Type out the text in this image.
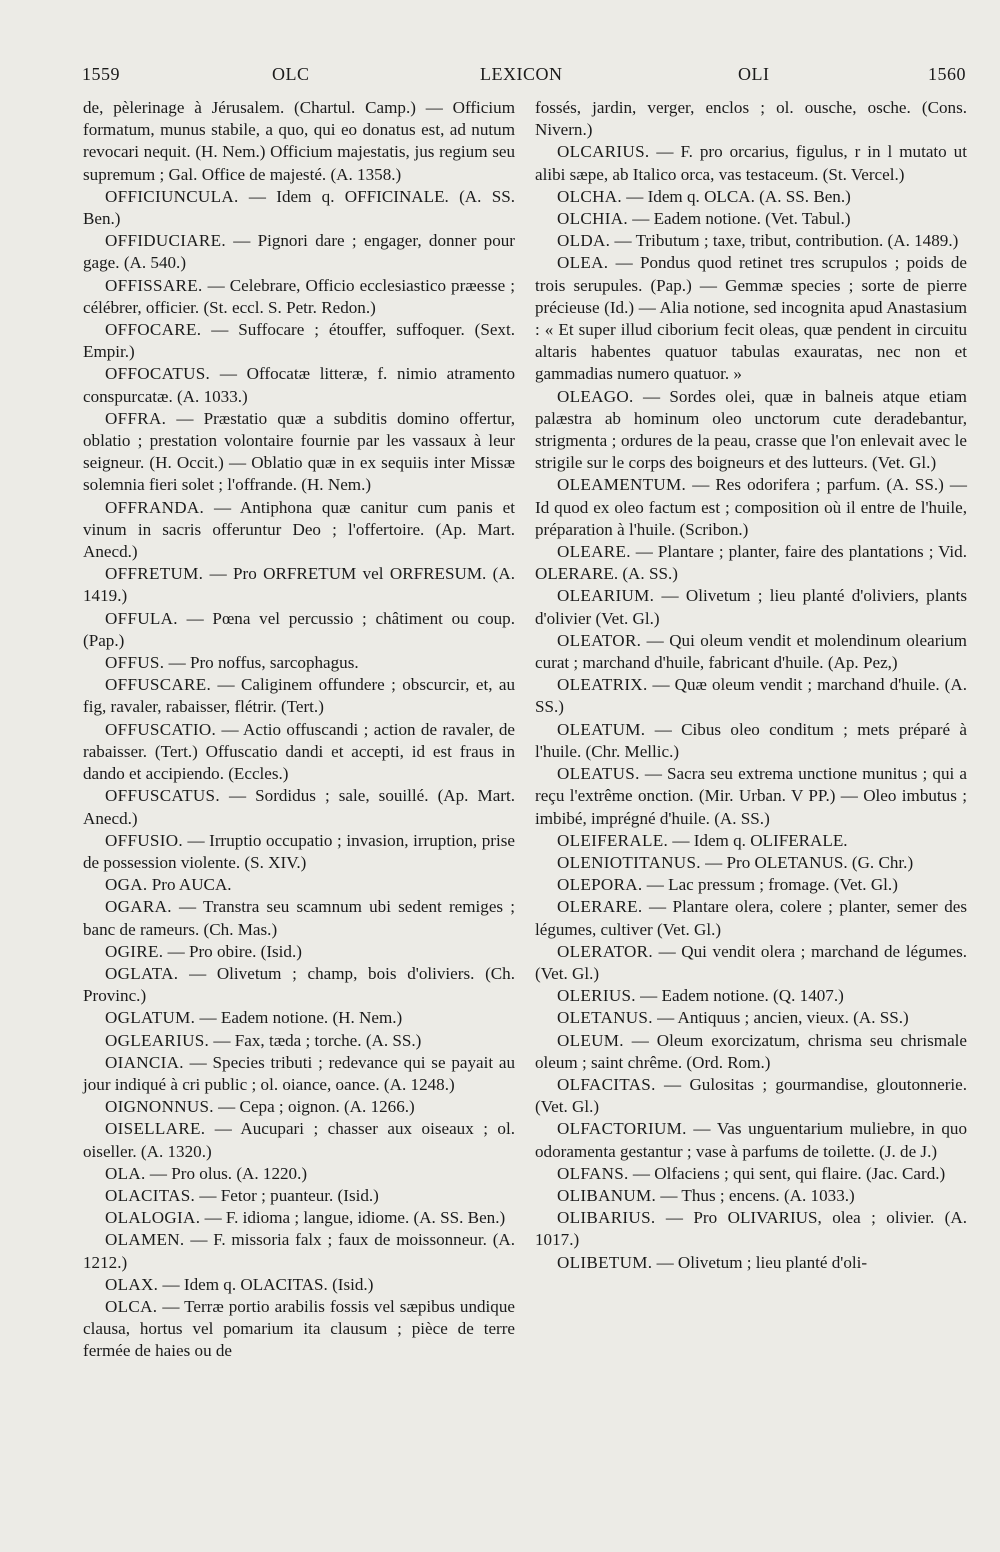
1559	OLC	LEXICON	OLI	1560

de, pèlerinage à Jérusalem. (Chartul. Camp.) — Officium formatum, munus stabile, a quo, qui eo donatus est, ad nutum revocari nequit. (H. Nem.) Officium majestatis, jus regium seu supremum ; Gal. Office de majesté. (A. 1358.)

OFFICIUNCULA. — Idem q. OFFICINALE. (A. SS. Ben.)

OFFIDUCIARE. — Pignori dare ; engager, donner pour gage. (A. 540.)

OFFISSARE. — Celebrare, Officio ecclesiastico præesse ; célébrer, officier. (St. eccl. S. Petr. Redon.)

OFFOCARE. — Suffocare ; étouffer, suffoquer. (Sext. Empir.)

OFFOCATUS. — Offocatæ litteræ, f. nimio atramento conspurcatæ. (A. 1033.)

OFFRA. — Præstatio quæ a subditis domino offertur, oblatio ; prestation volontaire fournie par les vassaux à leur seigneur. (H. Occit.) — Oblatio quæ in ex sequiis inter Missæ solemnia fieri solet ; l'offrande. (H. Nem.)

OFFRANDA. — Antiphona quæ canitur cum panis et vinum in sacris offeruntur Deo ; l'offertoire. (Ap. Mart. Anecd.)

OFFRETUM. — Pro ORFRETUM vel ORFRESUM. (A. 1419.)

OFFULA. — Pœna vel percussio ; châtiment ou coup. (Pap.)

OFFUS. — Pro noffus, sarcophagus.

OFFUSCARE. — Caliginem offundere ; obscurcir, et, au fig, ravaler, rabaisser, flétrir. (Tert.)

OFFUSCATIO. — Actio offuscandi ; action de ravaler, de rabaisser. (Tert.) Offuscatio dandi et accepti, id est fraus in dando et accipiendo. (Eccles.)

OFFUSCATUS. — Sordidus ; sale, souillé. (Ap. Mart. Anecd.)

OFFUSIO. — Irruptio occupatio ; invasion, irruption, prise de possession violente. (S. XIV.)

OGA. Pro AUCA.

OGARA. — Transtra seu scamnum ubi sedent remiges ; banc de rameurs. (Ch. Mas.)

OGIRE. — Pro obire. (Isid.)

OGLATA. — Olivetum ; champ, bois d'oliviers. (Ch. Provinc.)

OGLATUM. — Eadem notione. (H. Nem.)

OGLEARIUS. — Fax, tæda ; torche. (A. SS.)

OIANCIA. — Species tributi ; redevance qui se payait au jour indiqué à cri public ; ol. oiance, oance. (A. 1248.)

OIGNONNUS. — Cepa ; oignon. (A. 1266.)

OISELLARE. — Aucupari ; chasser aux oiseaux ; ol. oiseller. (A. 1320.)

OLA. — Pro olus. (A. 1220.)

OLACITAS. — Fetor ; puanteur. (Isid.)

OLALOGIA. — F. idioma ; langue, idiome. (A. SS. Ben.)

OLAMEN. — F. missoria falx ; faux de moissonneur. (A. 1212.)

OLAX. — Idem q. OLACITAS. (Isid.)

OLCA. — Terræ portio arabilis fossis vel sæpibus undique clausa, hortus vel pomarium ita clausum ; pièce de terre fermée de haies ou de

fossés, jardin, verger, enclos ; ol. ousche, osche. (Cons. Nivern.)

OLCARIUS. — F. pro orcarius, figulus, r in l mutato ut alibi sæpe, ab Italico orca, vas testaceum. (St. Vercel.)

OLCHA. — Idem q. OLCA. (A. SS. Ben.)

OLCHIA. — Eadem notione. (Vet. Tabul.)

OLDA. — Tributum ; taxe, tribut, contribution. (A. 1489.)

OLEA. — Pondus quod retinet tres scrupulos ; poids de trois serupules. (Pap.) — Gemmæ species ; sorte de pierre précieuse (Id.) — Alia notione, sed incognita apud Anastasium : « Et super illud ciborium fecit oleas, quæ pendent in circuitu altaris habentes quatuor tabulas exauratas, nec non et gammadias numero quatuor. »

OLEAGO. — Sordes olei, quæ in balneis atque etiam palæstra ab hominum oleo unctorum cute deradebantur, strigmenta ; ordures de la peau, crasse que l'on enlevait avec le strigile sur le corps des boigneurs et des lutteurs. (Vet. Gl.)

OLEAMENTUM. — Res odorifera ; parfum. (A. SS.) — Id quod ex oleo factum est ; composition où il entre de l'huile, préparation à l'huile. (Scribon.)

OLEARE. — Plantare ; planter, faire des plantations ; Vid. OLERARE. (A. SS.)

OLEARIUM. — Olivetum ; lieu planté d'oliviers, plants d'olivier (Vet. Gl.)

OLEATOR. — Qui oleum vendit et molendinum olearium curat ; marchand d'huile, fabricant d'huile. (Ap. Pez,)

OLEATRIX. — Quæ oleum vendit ; marchand d'huile. (A. SS.)

OLEATUM. — Cibus oleo conditum ; mets préparé à l'huile. (Chr. Mellic.)

OLEATUS. — Sacra seu extrema unctione munitus ; qui a reçu l'extrême onction. (Mir. Urban. V PP.) — Oleo imbutus ; imbibé, imprégné d'huile. (A. SS.)

OLEIFERALE. — Idem q. OLIFERALE.

OLENIOTITANUS. — Pro OLETANUS. (G. Chr.)

OLEPORA. — Lac pressum ; fromage. (Vet. Gl.)

OLERARE. — Plantare olera, colere ; planter, semer des légumes, cultiver (Vet. Gl.)

OLERATOR. — Qui vendit olera ; marchand de légumes. (Vet. Gl.)

OLERIUS. — Eadem notione. (Q. 1407.)

OLETANUS. — Antiquus ; ancien, vieux. (A. SS.)

OLEUM. — Oleum exorcizatum, chrisma seu chrismale oleum ; saint chrême. (Ord. Rom.)

OLFACITAS. — Gulositas ; gourmandise, gloutonnerie. (Vet. Gl.)

OLFACTORIUM. — Vas unguentarium muliebre, in quo odoramenta gestantur ; vase à parfums de toilette. (J. de J.)

OLFANS. — Olfaciens ; qui sent, qui flaire. (Jac. Card.)

OLIBANUM. — Thus ; encens. (A. 1033.)

OLIBARIUS. — Pro OLIVARIUS, olea ; olivier. (A. 1017.)

OLIBETUM. — Olivetum ; lieu planté d'oli-
